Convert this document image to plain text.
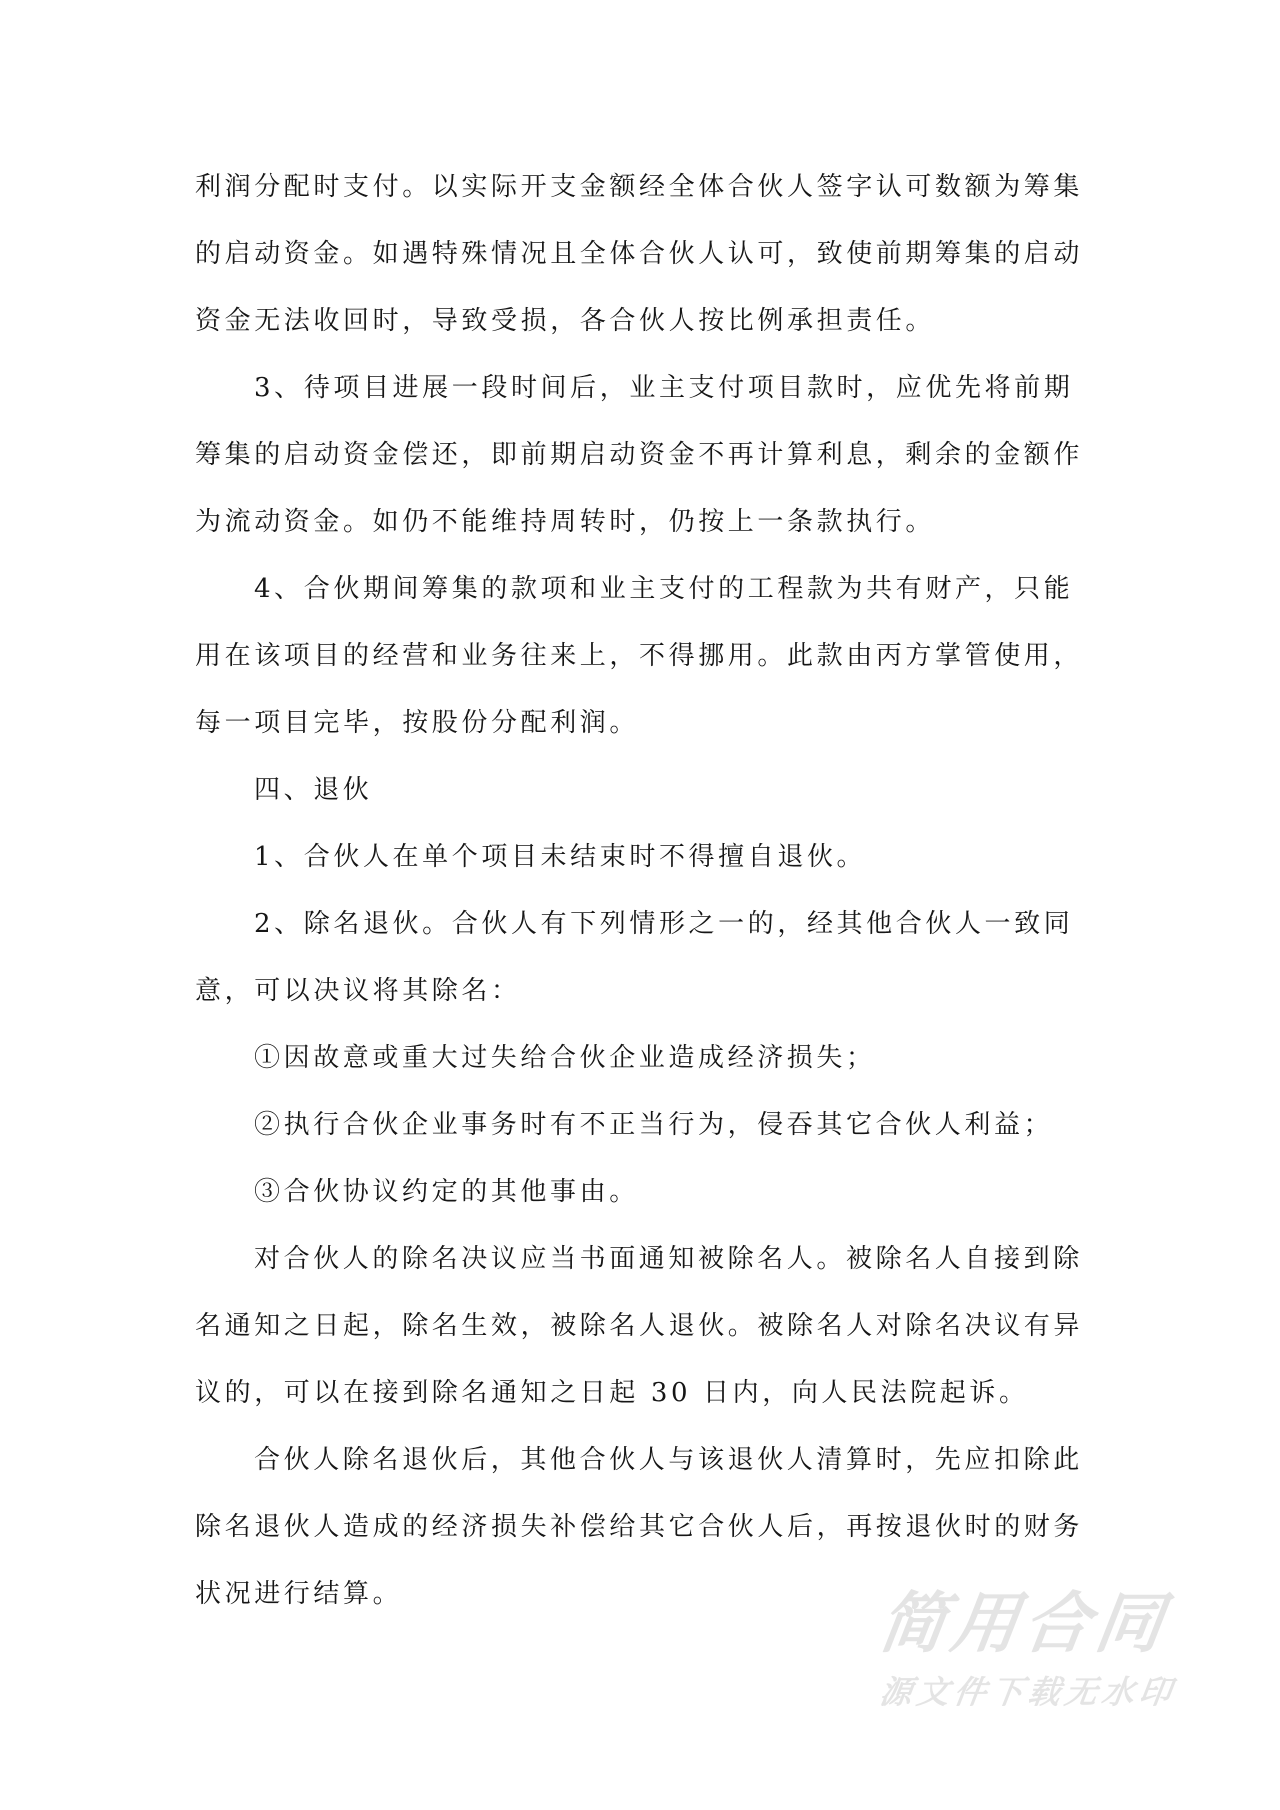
利润分配时支付。以实际开支金额经全体合伙人签字认可数额为筹集
的启动资金。如遇特殊情况且全体合伙人认可，致使前期筹集的启动
资金无法收回时，导致受损，各合伙人按比例承担责任。
3、待项目进展一段时间后，业主支付项目款时，应优先将前期
筹集的启动资金偿还，即前期启动资金不再计算利息，剩余的金额作
为流动资金。如仍不能维持周转时，仍按上一条款执行。
4、合伙期间筹集的款项和业主支付的工程款为共有财产，只能
用在该项目的经营和业务往来上，不得挪用。此款由丙方掌管使用，
每一项目完毕，按股份分配利润。
四、退伙
1、合伙人在单个项目未结束时不得擅自退伙。
2、除名退伙。合伙人有下列情形之一的，经其他合伙人一致同
意，可以决议将其除名：
①因故意或重大过失给合伙企业造成经济损失；
②执行合伙企业事务时有不正当行为，侵吞其它合伙人利益；
③合伙协议约定的其他事由。
对合伙人的除名决议应当书面通知被除名人。被除名人自接到除
名通知之日起，除名生效，被除名人退伙。被除名人对除名决议有异
议的，可以在接到除名通知之日起 30 日内，向人民法院起诉。
合伙人除名退伙后，其他合伙人与该退伙人清算时，先应扣除此
除名退伙人造成的经济损失补偿给其它合伙人后，再按退伙时的财务
状况进行结算。	简用合同
源文件下载无水印
